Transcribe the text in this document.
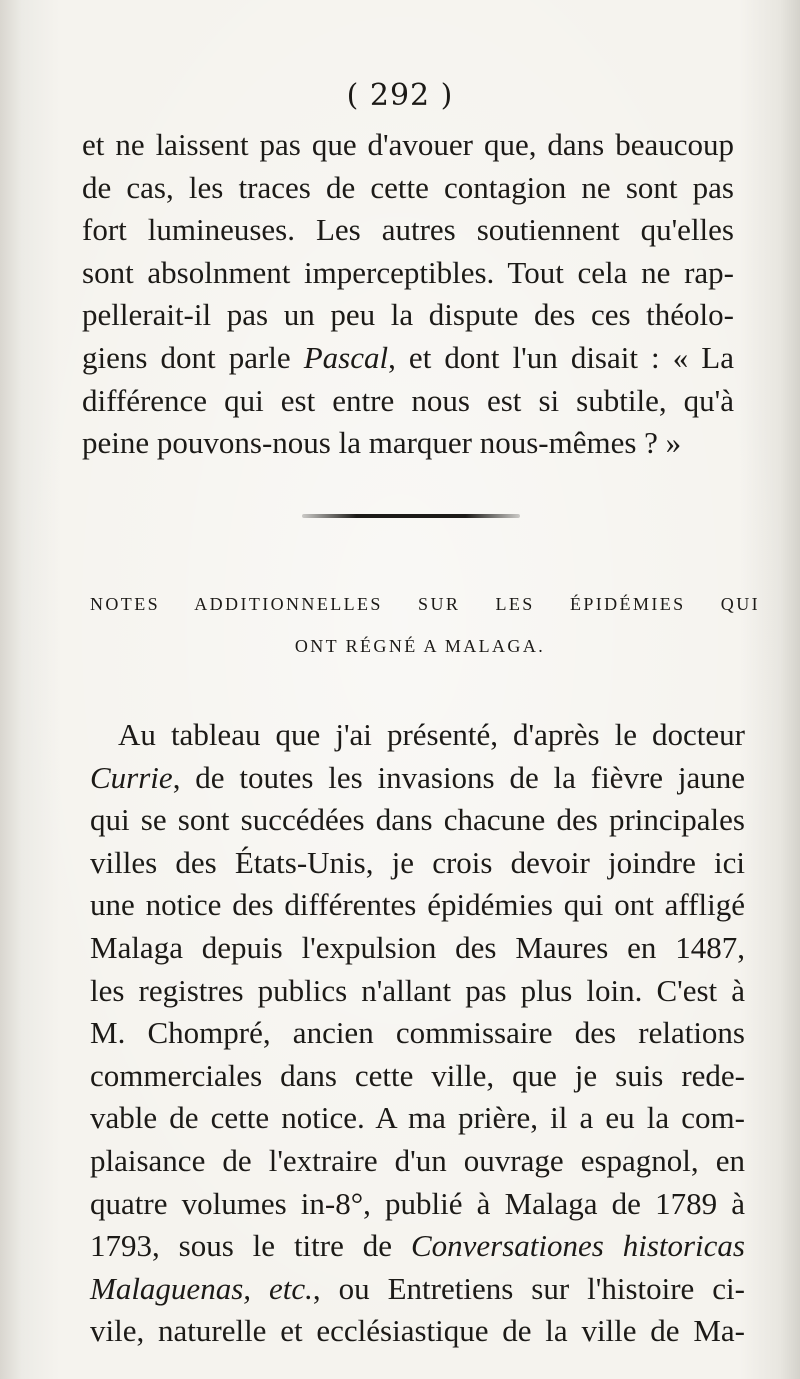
( 292 )
et ne laissent pas que d'avouer que, dans beaucoup
de cas, les traces de cette contagion ne sont pas
fort lumineuses. Les autres soutiennent qu'elles
sont absolnment imperceptibles. Tout cela ne rap-
pellerait-il pas un peu la dispute des ces théolo-
giens dont parle Pascal, et dont l'un disait : « La
différence qui est entre nous est si subtile, qu'à
peine pouvons-nous la marquer nous-mêmes ? »
NOTES ADDITIONNELLES SUR LES ÉPIDÉMIES QUI
ONT RÉGNÉ A MALAGA.
Au tableau que j'ai présenté, d'après le docteur
Currie, de toutes les invasions de la fièvre jaune
qui se sont succédées dans chacune des principales
villes des États-Unis, je crois devoir joindre ici
une notice des différentes épidémies qui ont affligé
Malaga depuis l'expulsion des Maures en 1487,
les registres publics n'allant pas plus loin. C'est à
M. Chompré, ancien commissaire des relations
commerciales dans cette ville, que je suis rede-
vable de cette notice. A ma prière, il a eu la com-
plaisance de l'extraire d'un ouvrage espagnol, en
quatre volumes in-8°, publié à Malaga de 1789 à
1793, sous le titre de Conversationes historicas
Malaguenas, etc., ou Entretiens sur l'histoire ci-
vile, naturelle et ecclésiastique de la ville de Ma-
